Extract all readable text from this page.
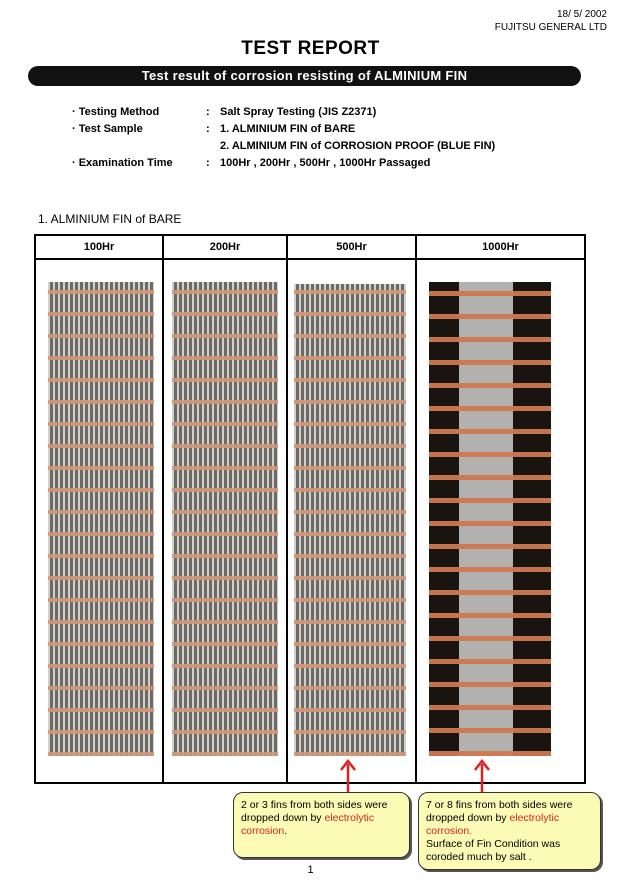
18/ 5/ 2002
FUJITSU GENERAL LTD
TEST REPORT
Test result of corrosion resisting of ALMINIUM FIN
· Testing Method	: Salt Spray Testing (JIS Z2371)
· Test Sample	: 1. ALMINIUM FIN of BARE
2. ALMINIUM FIN of CORROSION PROOF (BLUE FIN)
· Examination Time	: 100Hr , 200Hr , 500Hr , 1000Hr Passaged
1. ALMINIUM FIN of BARE
100Hr	200Hr	500Hr	1000Hr
2 or 3 fins from both sides were dropped down by electrolytic corrosion.
7 or 8 fins from both sides were dropped down by electrolytic corrosion.
Surface of Fin Condition was coroded much by salt .
1
